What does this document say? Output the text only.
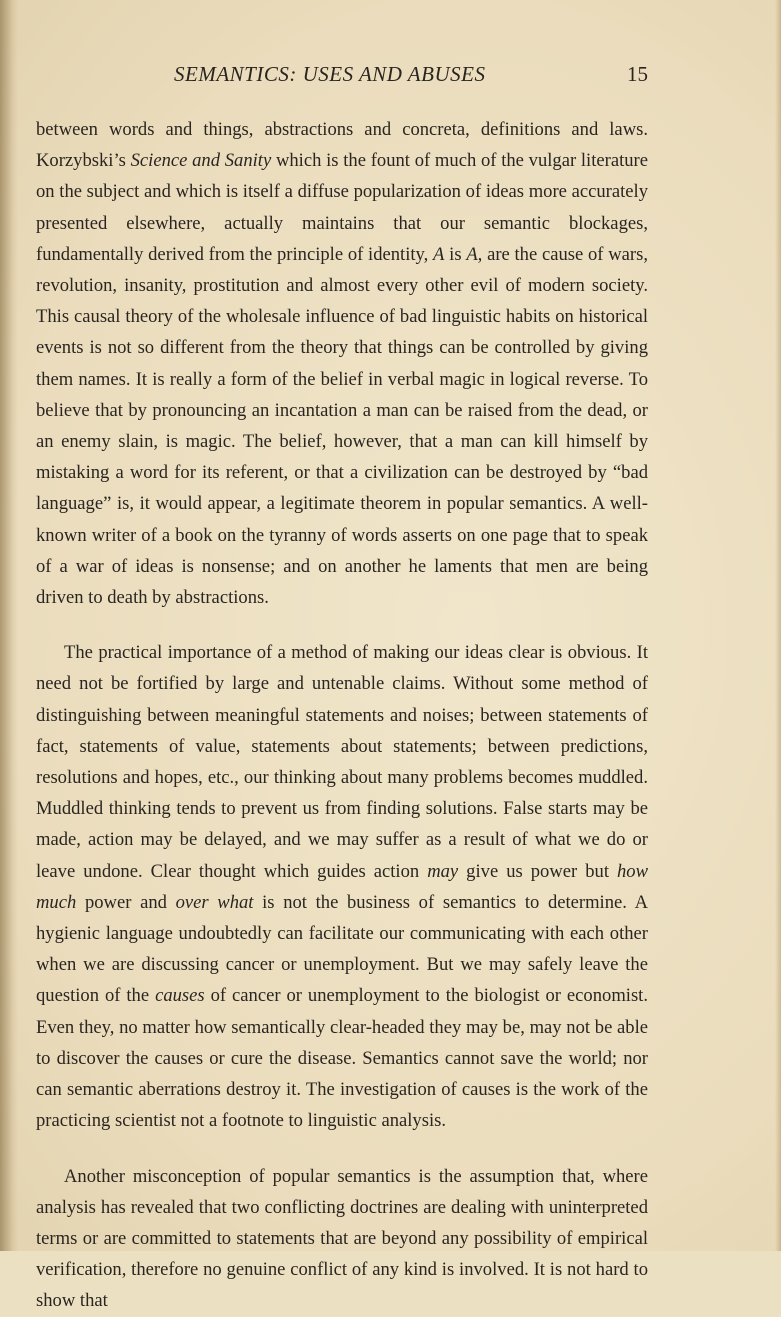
SEMANTICS: USES AND ABUSES	15

between words and things, abstractions and concreta, definitions and laws. Korzybski’s Science and Sanity which is the fount of much of the vulgar literature on the subject and which is itself a diffuse popularization of ideas more accurately presented elsewhere, actually maintains that our semantic blockages, fundamentally derived from the principle of identity, A is A, are the cause of wars, revolution, insanity, prostitution and almost every other evil of modern society. This causal theory of the wholesale influence of bad linguistic habits on historical events is not so different from the theory that things can be controlled by giving them names. It is really a form of the belief in verbal magic in logical reverse. To believe that by pronouncing an incantation a man can be raised from the dead, or an enemy slain, is magic. The belief, however, that a man can kill himself by mistaking a word for its referent, or that a civilization can be destroyed by “bad language” is, it would appear, a legitimate theorem in popular semantics. A well-known writer of a book on the tyranny of words asserts on one page that to speak of a war of ideas is nonsense; and on another he laments that men are being driven to death by abstractions.

The practical importance of a method of making our ideas clear is obvious. It need not be fortified by large and untenable claims. Without some method of distinguishing between meaningful statements and noises; between statements of fact, statements of value, statements about statements; between predictions, resolutions and hopes, etc., our thinking about many problems becomes muddled. Muddled thinking tends to prevent us from finding solutions. False starts may be made, action may be delayed, and we may suffer as a result of what we do or leave undone. Clear thought which guides action may give us power but how much power and over what is not the business of semantics to determine. A hygienic language undoubtedly can facilitate our communicating with each other when we are discussing cancer or unemployment. But we may safely leave the question of the causes of cancer or unemployment to the biologist or economist. Even they, no matter how semantically clear-headed they may be, may not be able to discover the causes or cure the disease. Semantics cannot save the world; nor can semantic aberrations destroy it. The investigation of causes is the work of the practicing scientist not a footnote to linguistic analysis.

Another misconception of popular semantics is the assumption that, where analysis has revealed that two conflicting doctrines are dealing with uninterpreted terms or are committed to statements that are beyond any possibility of empirical verification, therefore no genuine conflict of any kind is involved. It is not hard to show that
